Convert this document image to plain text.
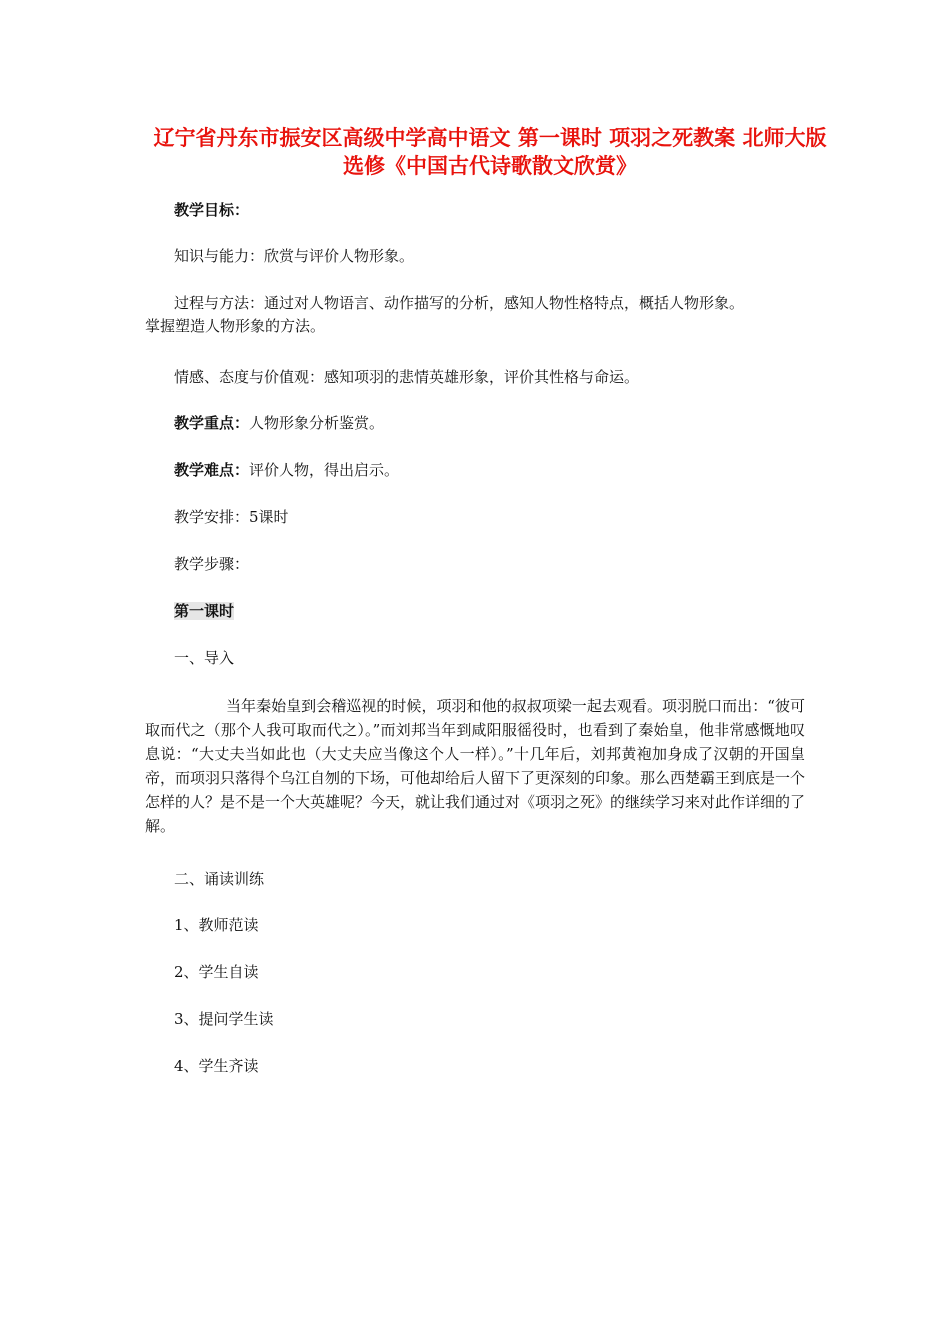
辽宁省丹东市振安区高级中学高中语文 第一课时 项羽之死教案 北师大版选修《中国古代诗歌散文欣赏》
教学目标：
知识与能力：欣赏与评价人物形象。
过程与方法：通过对人物语言、动作描写的分析，感知人物性格特点，概括人物形象。
掌握塑造人物形象的方法。
情感、态度与价值观：感知项羽的悲情英雄形象，评价其性格与命运。
教学重点：人物形象分析鉴赏。
教学难点：评价人物，得出启示。
教学安排：5课时
教学步骤：
第一课时
一、导入
当年秦始皇到会稽巡视的时候，项羽和他的叔叔项梁一起去观看。项羽脱口而出：“彼可取而代之（那个人我可取而代之）。”而刘邦当年到咸阳服徭役时，也看到了秦始皇，他非常感慨地叹息说：“大丈夫当如此也（大丈夫应当像这个人一样）。”十几年后，刘邦黄袍加身成了汉朝的开国皇帝，而项羽只落得个乌江自刎的下场，可他却给后人留下了更深刻的印象。那么西楚霸王到底是一个怎样的人？是不是一个大英雄呢？今天，就让我们通过对《项羽之死》的继续学习来对此作详细的了解。
二、诵读训练
1、教师范读
2、学生自读
3、提问学生读
4、学生齐读
